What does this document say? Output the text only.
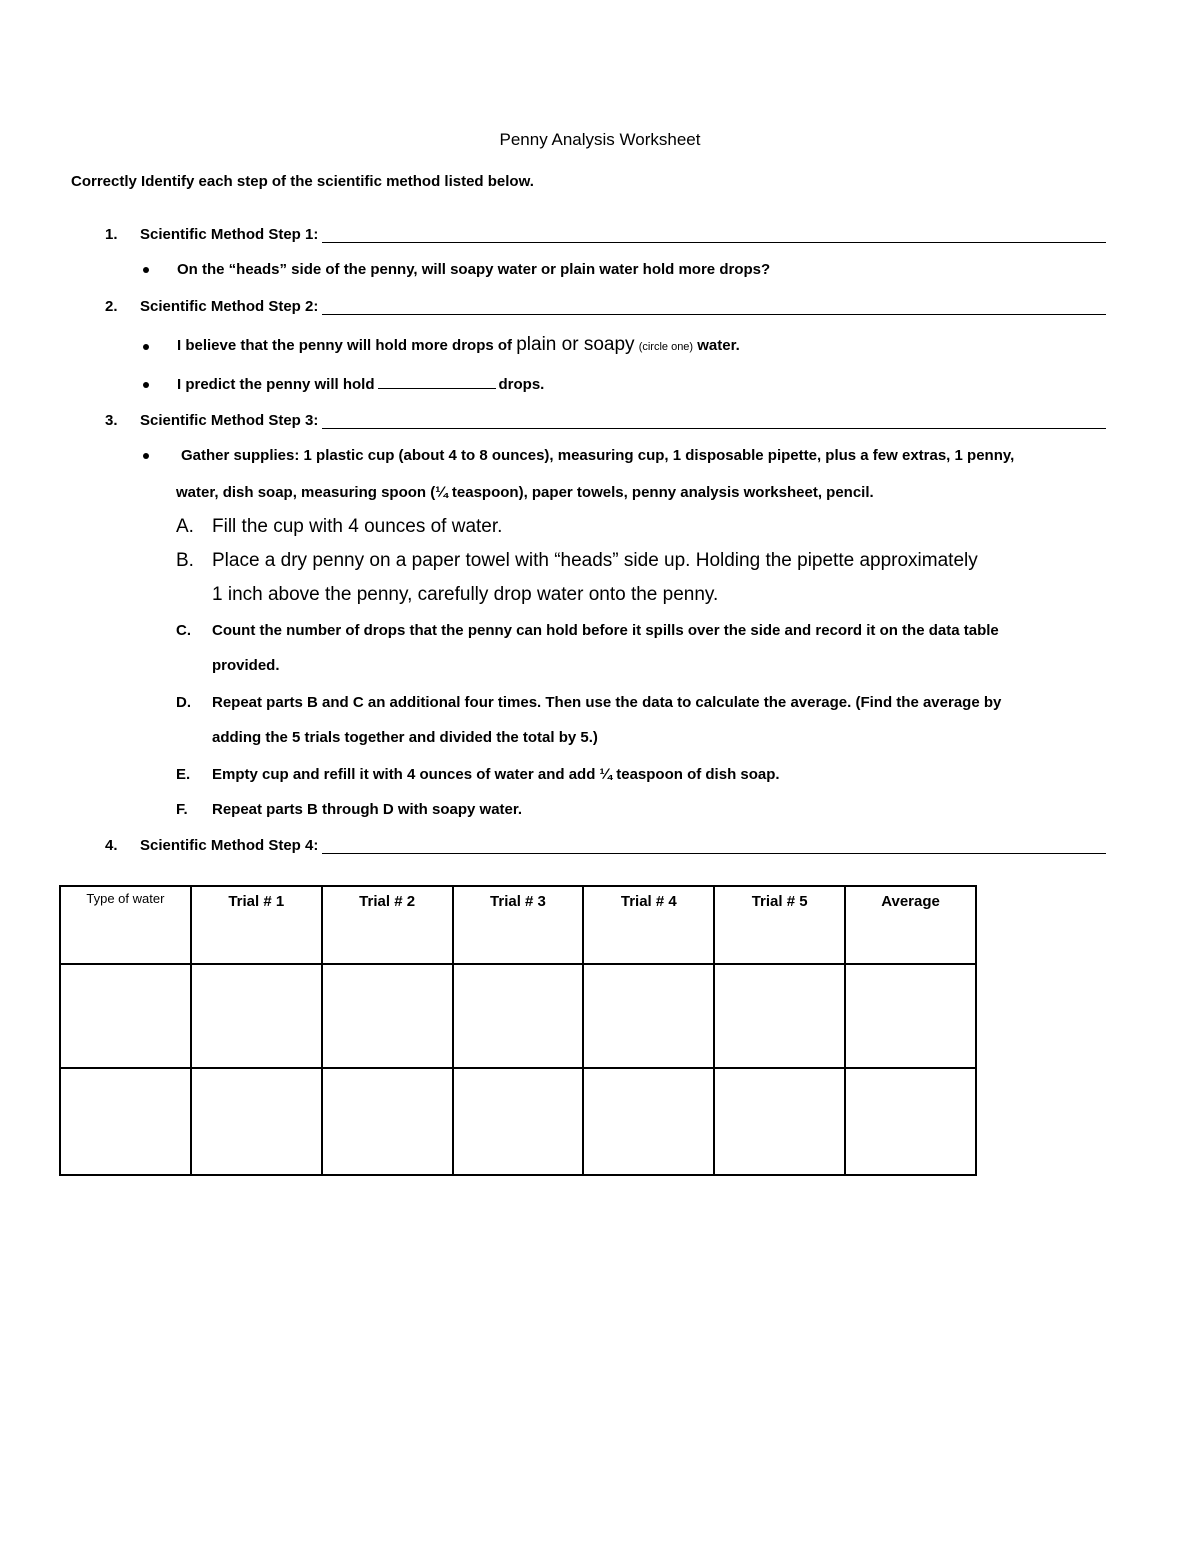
Penny Analysis Worksheet
Correctly Identify each step of the scientific method listed below.
1.	Scientific Method Step 1:
On the “heads” side of the penny, will soapy water or plain water hold more drops?
2.	Scientific Method Step 2:
I believe that the penny will hold more drops of plain or soapy (circle one) water.
I predict the penny will hold	drops.
3.	Scientific Method Step 3:
Gather supplies: 1 plastic cup (about 4 to 8 ounces), measuring cup, 1 disposable pipette, plus a few extras, 1 penny,
water, dish soap, measuring spoon (¼ teaspoon), paper towels, penny analysis worksheet, pencil.
A. Fill the cup with 4 ounces of water.
B. Place a dry penny on a paper towel with “heads” side up. Holding the pipette approximately
1 inch above the penny, carefully drop water onto the penny.
C. Count the number of drops that the penny can hold before it spills over the side and record it on the data table
provided.
D. Repeat parts B and C an additional four times. Then use the data to calculate the average. (Find the average by
adding the 5 trials together and divided the total by 5.)
E. Empty cup and refill it with 4 ounces of water and add ¼ teaspoon of dish soap.
F. Repeat parts B through D with soapy water.
4.	Scientific Method Step 4:
Type of water	Trial # 1	Trial # 2	Trial # 3	Trial # 4	Trial # 5	Average
